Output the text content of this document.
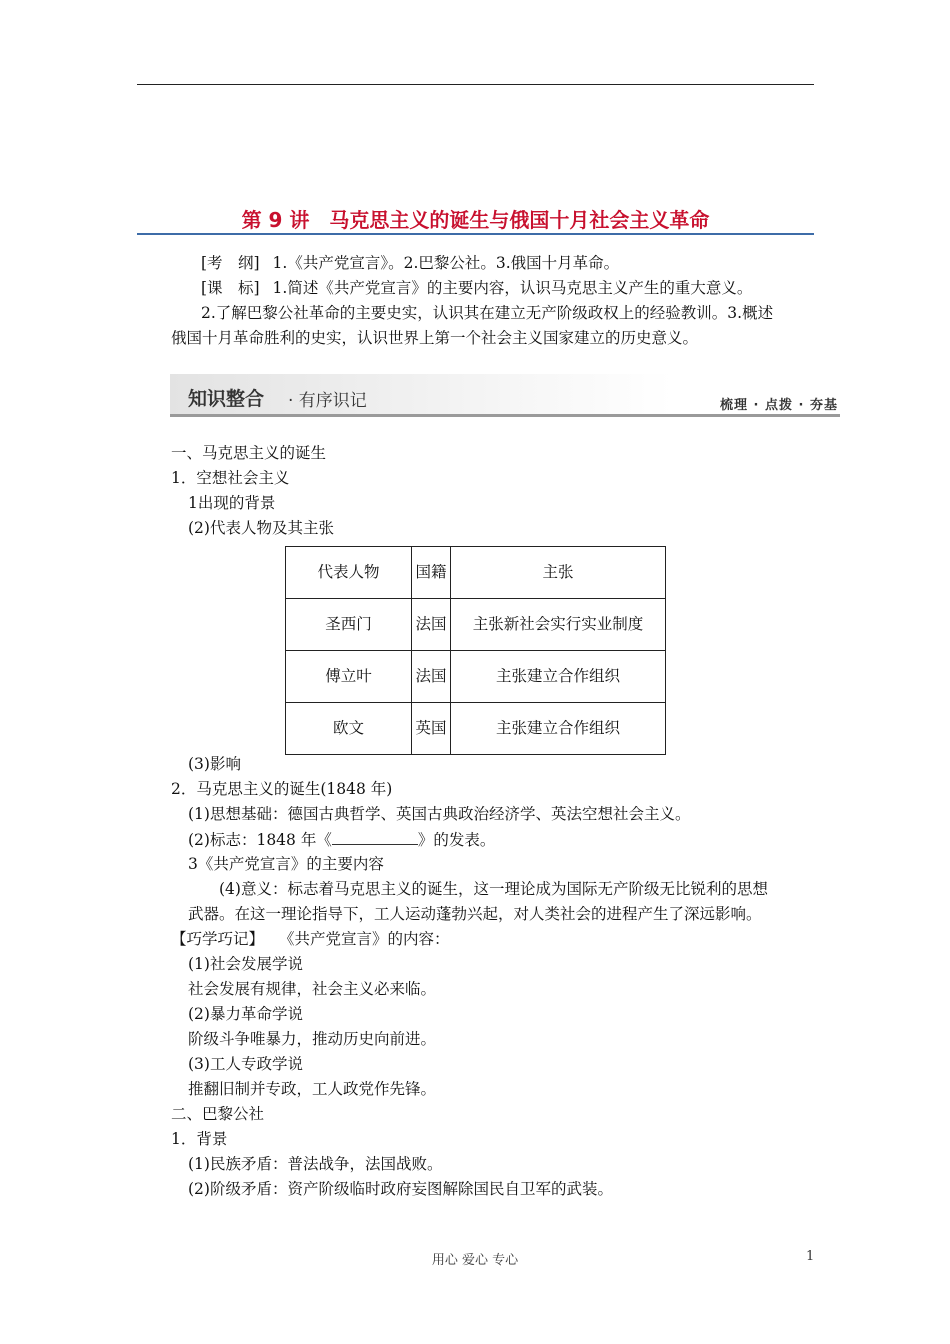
第 9 讲　马克思主义的诞生与俄国十月社会主义革命
[考　纲] 1.《共产党宣言》。2.巴黎公社。3.俄国十月革命。
[课　标] 1.简述《共产党宣言》的主要内容，认识马克思主义产生的重大意义。
2.了解巴黎公社革命的主要史实，认识其在建立无产阶级政权上的经验教训。3.概述
俄国十月革命胜利的史实，认识世界上第一个社会主义国家建立的历史意义。
知识整合 · 有序识记	梳理 · 点拨 · 夯基
一、马克思主义的诞生
1．空想社会主义
1出现的背景
(2)代表人物及其主张
代表人物	国籍	主张
圣西门	法国	主张新社会实行实业制度
傅立叶	法国	主张建立合作组织
欧文	英国	主张建立合作组织
(3)影响
2．马克思主义的诞生(1848 年)
(1)思想基础：德国古典哲学、英国古典政治经济学、英法空想社会主义。
(2)标志：1848 年《	》的发表。
3《共产党宣言》的主要内容
(4)意义：标志着马克思主义的诞生，这一理论成为国际无产阶级无比锐利的思想
武器。在这一理论指导下，工人运动蓬勃兴起，对人类社会的进程产生了深远影响。
【巧学巧记】 《共产党宣言》的内容：
(1)社会发展学说
社会发展有规律，社会主义必来临。
(2)暴力革命学说
阶级斗争唯暴力，推动历史向前进。
(3)工人专政学说
推翻旧制并专政，工人政党作先锋。
二、巴黎公社
1．背景
(1)民族矛盾：普法战争，法国战败。
(2)阶级矛盾：资产阶级临时政府妄图解除国民自卫军的武装。
用心 爱心 专心	1
